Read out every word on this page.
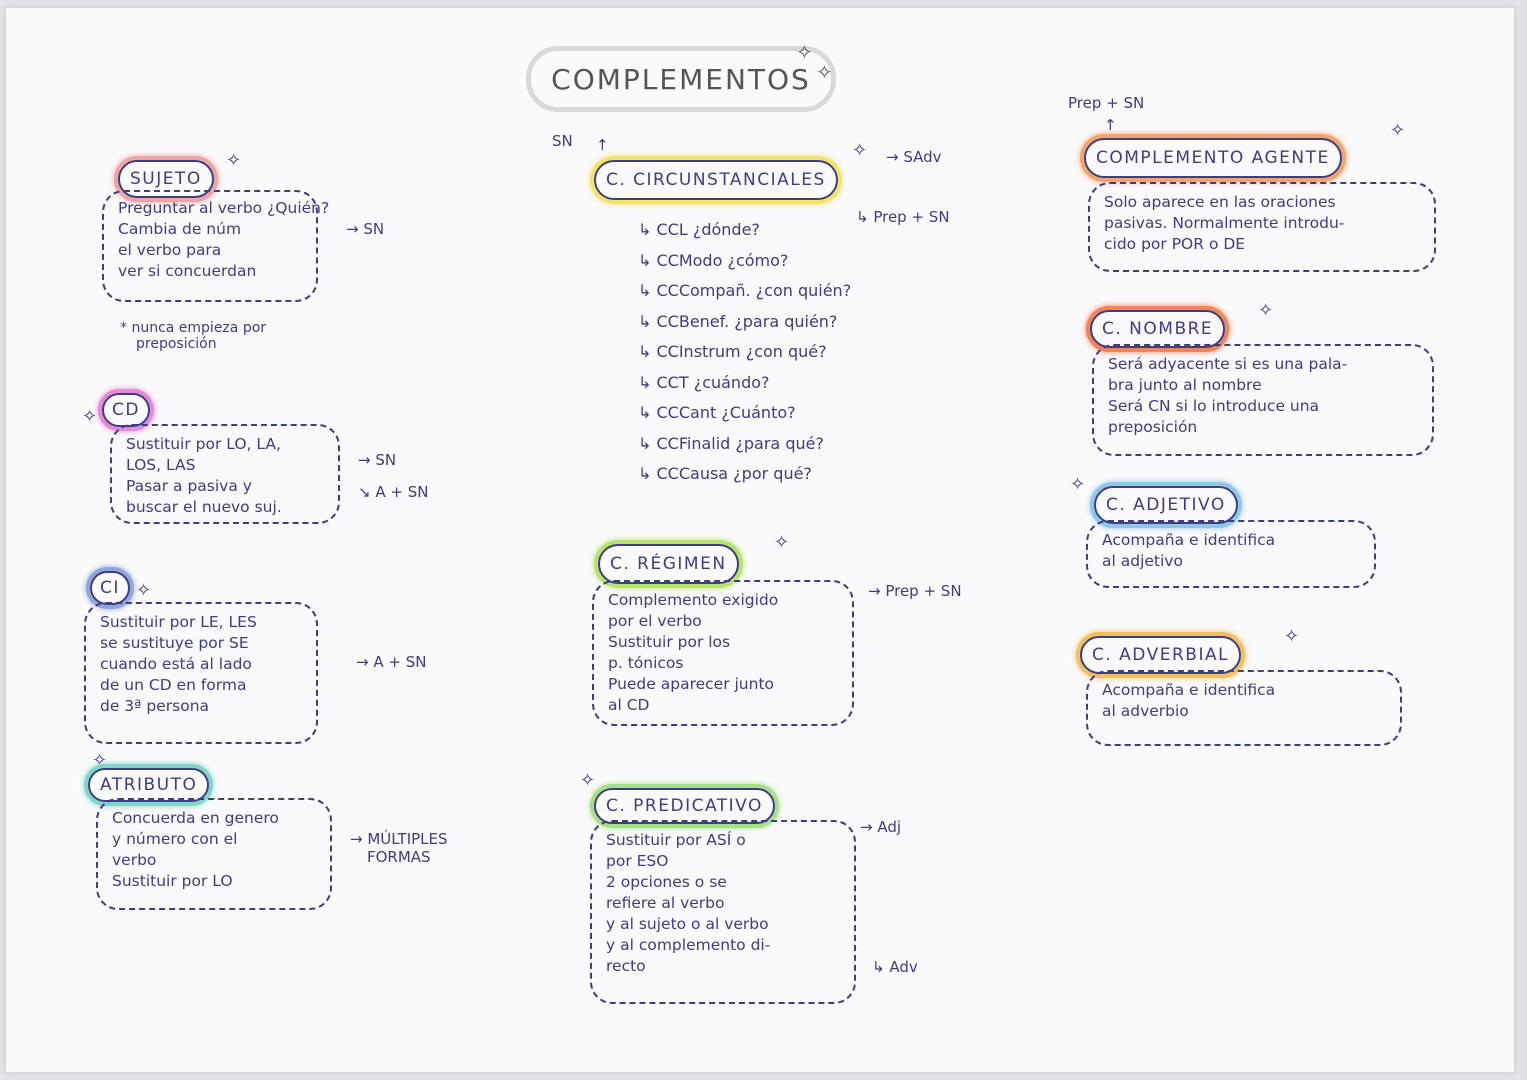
COMPLEMENTOS
✧
✧
SUJETO
✧
Preguntar al verbo ¿Quién?
Cambia de núm
el verbo para
ver si concuerdan
* nunca empieza por
preposición
→ SN
CD
✧
Sustituir por LO, LA,
LOS, LAS
Pasar a pasiva y
buscar el nuevo suj.
→ SN
↘ A + SN
CI ✧
Sustituir por LE, LES
se sustituye por SE
cuando está al lado
de un CD en forma
de 3ª persona
→ A + SN
✧
ATRIBUTO
Concuerda en genero
y número con el
verbo
Sustituir por LO
→ MÚLTIPLES
FORMAS
SN ↑
C. CIRCUNSTANCIALES
✧ → SAdv
↳ Prep + SN
↳ CCL ¿dónde?
↳ CCModo ¿cómo?
↳ CCCompañ. ¿con quién?
↳ CCBenef. ¿para quién?
↳ CCInstrum ¿con qué?
↳ CCT ¿cuándo?
↳ CCCant ¿Cuánto?
↳ CCFinalid ¿para qué?
↳ CCCausa ¿por qué?
C. RÉGIMEN
✧
Complemento exigido
por el verbo
Sustituir por los
p. tónicos
Puede aparecer junto
al CD
→ Prep + SN
✧
C. PREDICATIVO
Sustituir por ASÍ o
por ESO
2 opciones o se
refiere al verbo
y al sujeto o al verbo
y al complemento di-
recto
→ Adj
↳ Adv
Prep + SN
↑
COMPLEMENTO AGENTE
✧
Solo aparece en las oraciones
pasivas. Normalmente introdu-
cido por POR o DE
C. NOMBRE
✧
Será adyacente si es una pala-
bra junto al nombre
Será CN si lo introduce una
preposición
✧
C. ADJETIVO
Acompaña e identifica
al adjetivo
C. ADVERBIAL
✧
Acompaña e identifica
al adverbio
